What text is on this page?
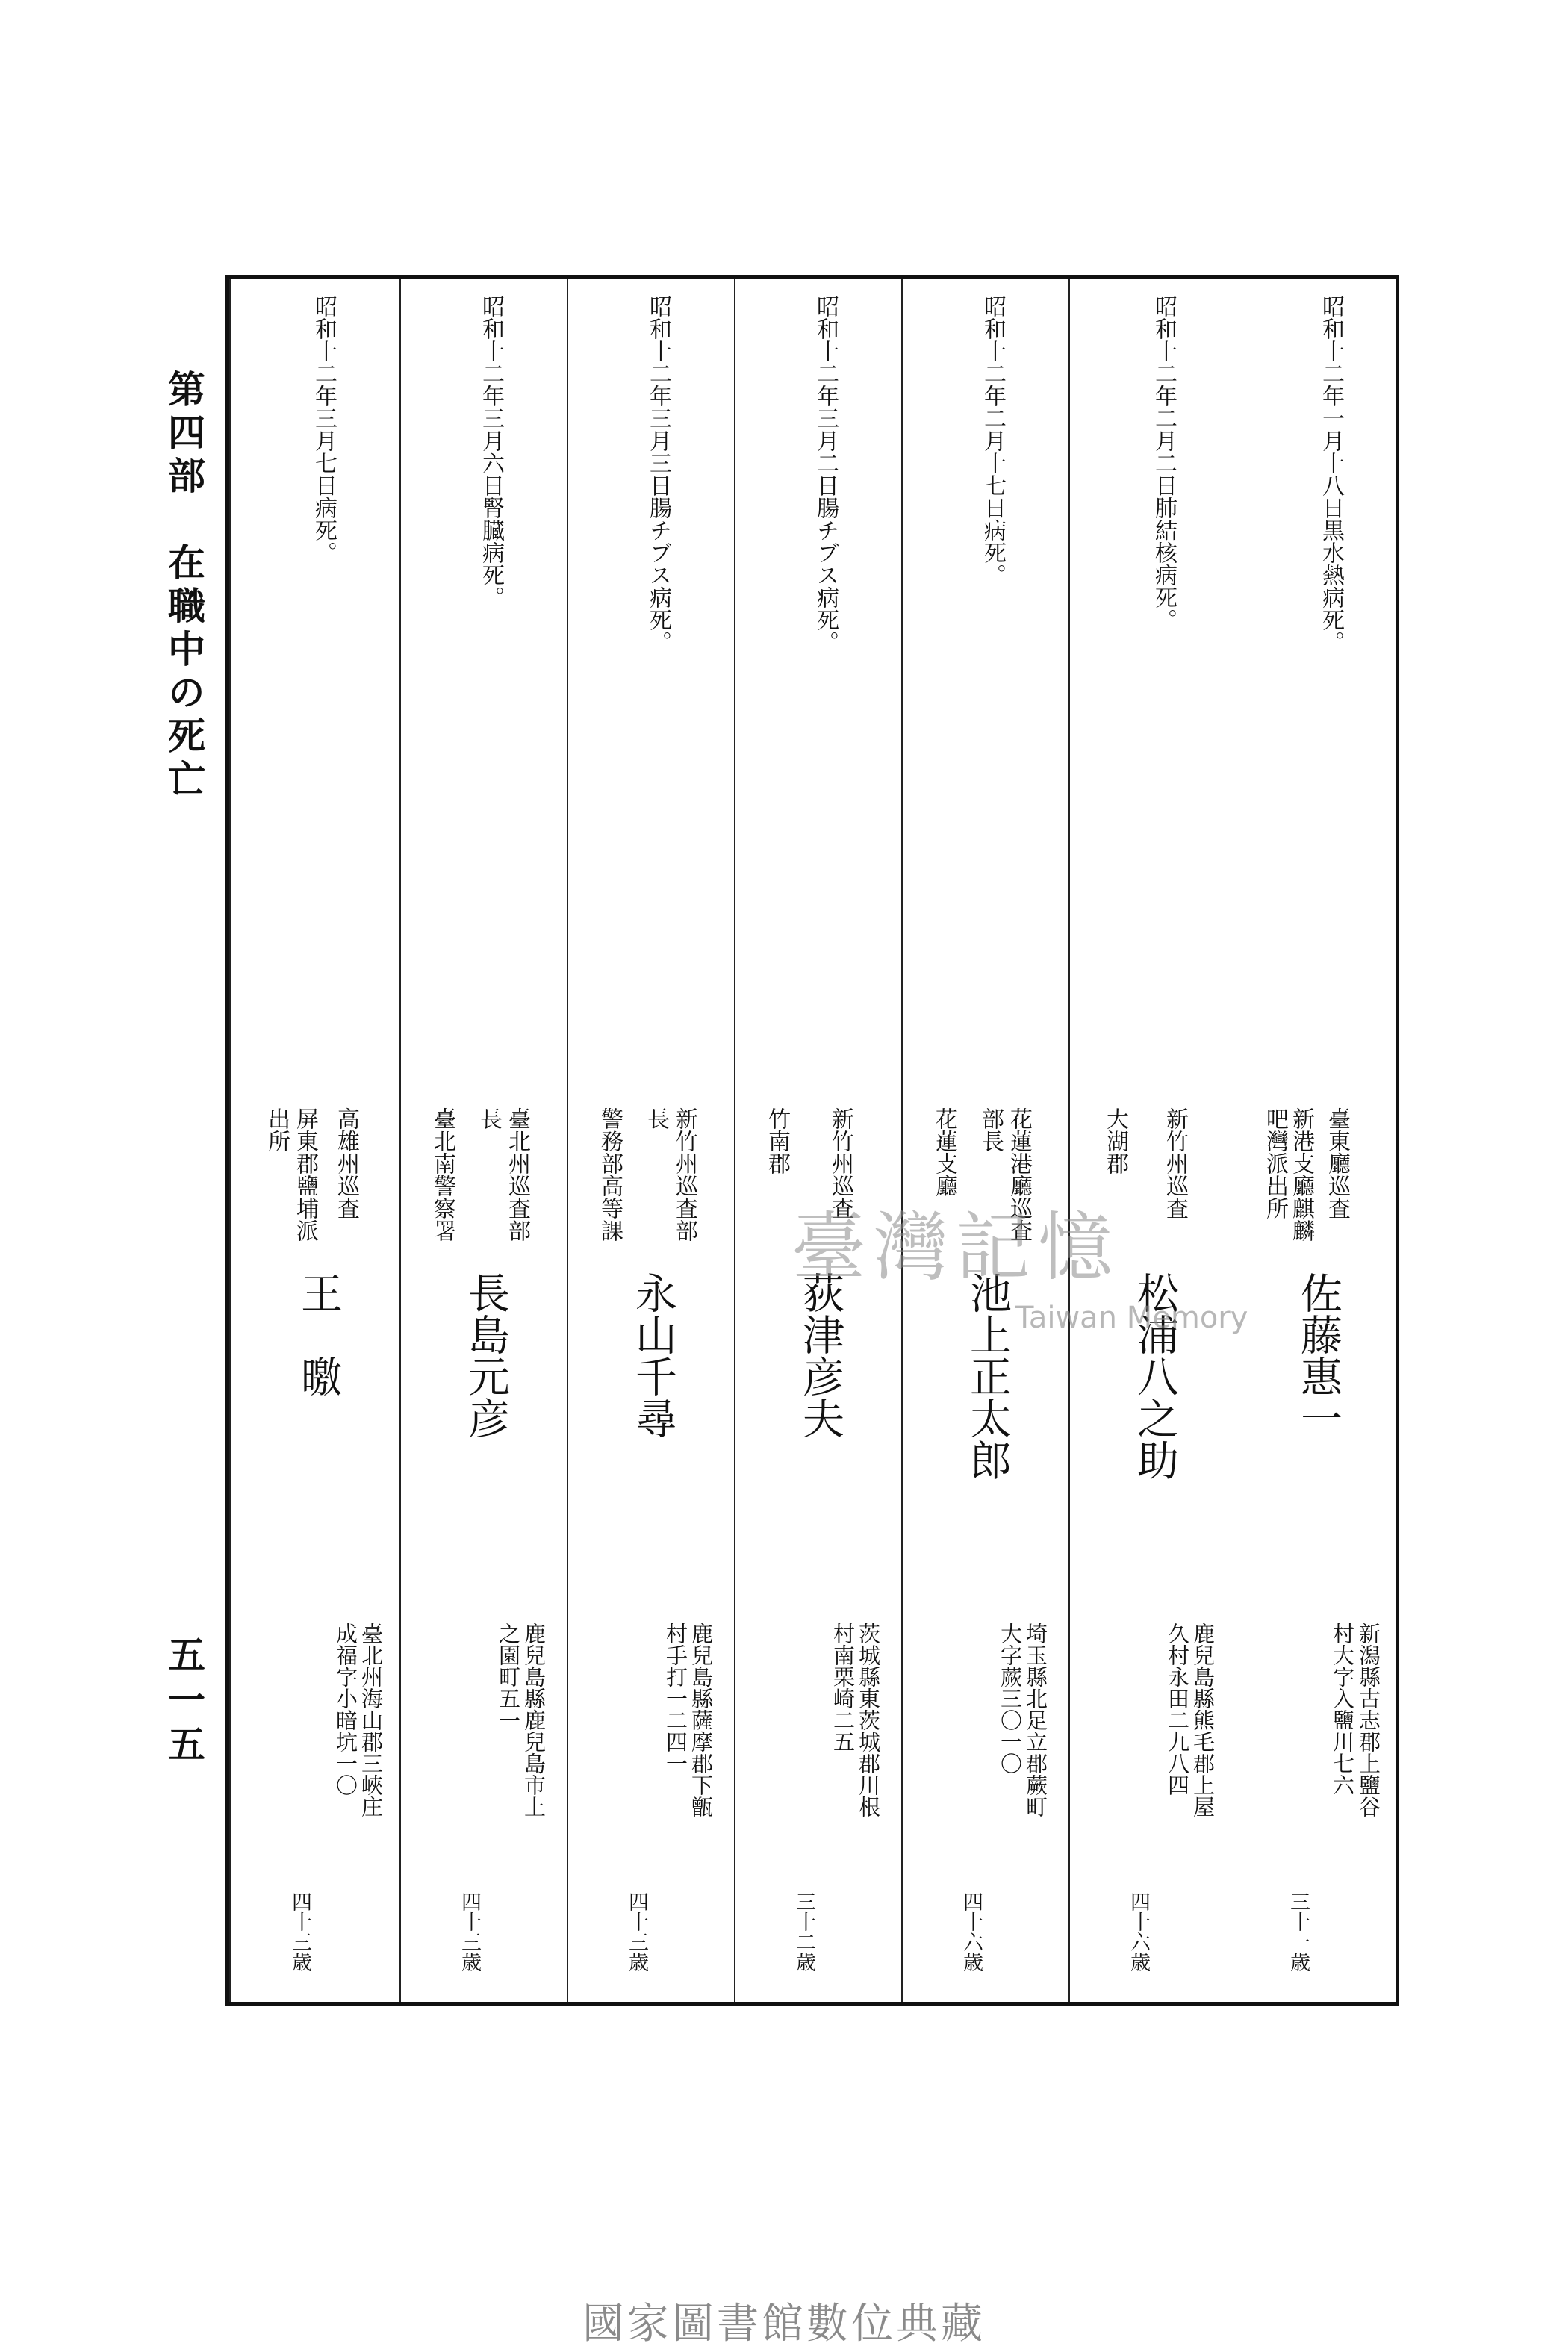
第四部　在職中の死亡
五一五
昭和十二年一月十八日黒水熱病死。
臺東廳巡査
新港支廳麒麟
吧灣派出所
佐藤惠一
新潟縣古志郡上鹽谷
村大字入鹽川七六
三十一歳
昭和十二年二月二日肺結核病死。
新竹州巡査
大湖郡
松浦八之助
鹿兒島縣熊毛郡上屋
久村永田二九八四
四十六歳
昭和十二年二月十七日病死。
花蓮港廳巡査
部長
花蓮支廳
池上正太郎
埼玉縣北足立郡蕨町
大字蕨三〇一〇
四十六歳
昭和十二年三月二日腸チブス病死。
新竹州巡査
竹南郡
荻津彦夫
茨城縣東茨城郡川根
村南栗崎二五
三十二歳
昭和十二年三月三日腸チブス病死。
新竹州巡査部
長
警務部高等課
永山千尋
鹿兒島縣薩摩郡下甑
村手打一二四一
四十三歳
昭和十二年三月六日腎臓病死。
臺北州巡査部
長
臺北南警察署
長島元彦
鹿兒島縣鹿兒島市上
之園町五一
四十三歳
昭和十二年三月七日病死。
高雄州巡査
屏東郡鹽埔派
出所
王　曒
臺北州海山郡三峽庄
成福字小暗坑一〇
四十三歳
臺灣記憶
Taiwan Memory
國家圖書館數位典藏
